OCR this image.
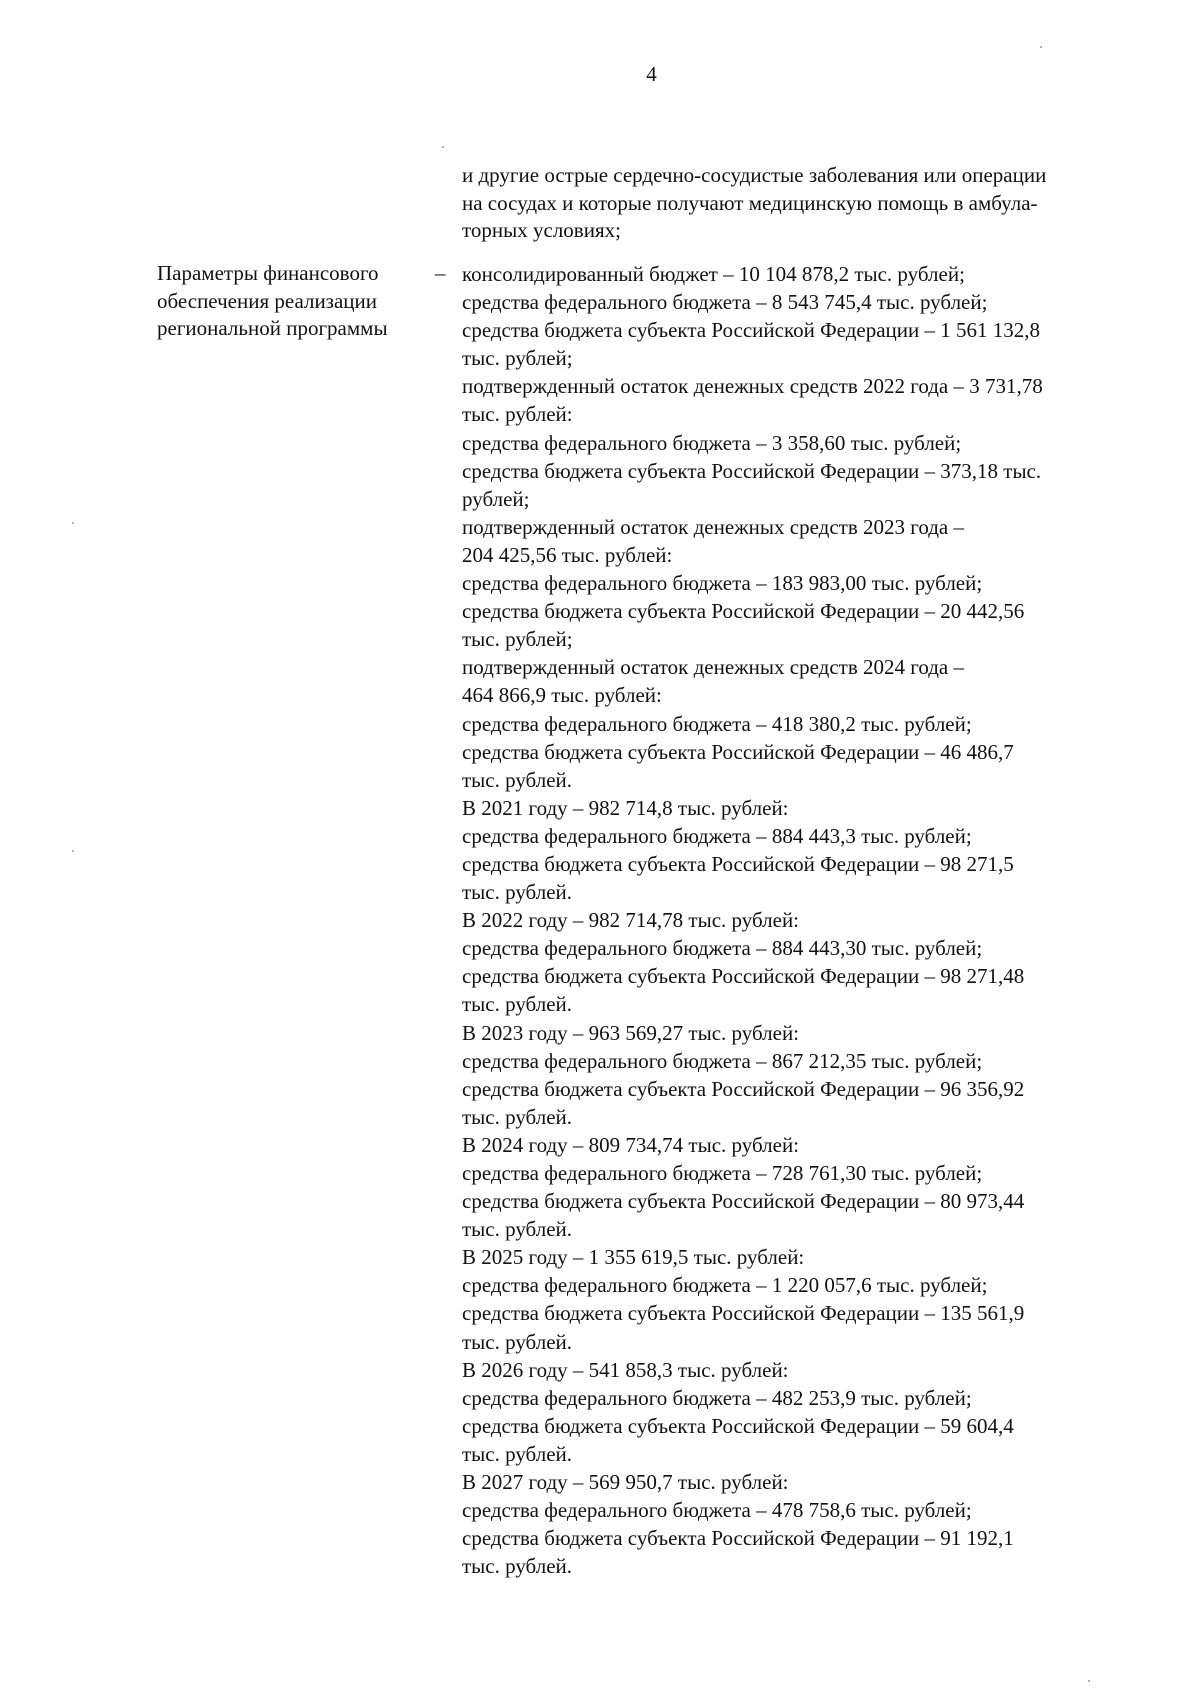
4
и другие острые сердечно-сосудистые заболевания или операции
на сосудах и которые получают медицинскую помощь в амбула-
торных условиях;
Параметры финансового
обеспечения реализации
региональной программы
– консолидированный бюджет – 10 104 878,2 тыс. рублей;
средства федерального бюджета – 8 543 745,4 тыс. рублей;
средства бюджета субъекта Российской Федерации – 1 561 132,8
тыс. рублей;
подтвержденный остаток денежных средств 2022 года – 3 731,78
тыс. рублей:
средства федерального бюджета – 3 358,60 тыс. рублей;
средства бюджета субъекта Российской Федерации – 373,18 тыс.
рублей;
подтвержденный остаток денежных средств 2023 года –
204 425,56 тыс. рублей:
средства федерального бюджета – 183 983,00 тыс. рублей;
средства бюджета субъекта Российской Федерации – 20 442,56
тыс. рублей;
подтвержденный остаток денежных средств 2024 года –
464 866,9 тыс. рублей:
средства федерального бюджета – 418 380,2 тыс. рублей;
средства бюджета субъекта Российской Федерации – 46 486,7
тыс. рублей.
В 2021 году – 982 714,8 тыс. рублей:
средства федерального бюджета – 884 443,3 тыс. рублей;
средства бюджета субъекта Российской Федерации – 98 271,5
тыс. рублей.
В 2022 году – 982 714,78 тыс. рублей:
средства федерального бюджета – 884 443,30 тыс. рублей;
средства бюджета субъекта Российской Федерации – 98 271,48
тыс. рублей.
В 2023 году – 963 569,27 тыс. рублей:
средства федерального бюджета – 867 212,35 тыс. рублей;
средства бюджета субъекта Российской Федерации – 96 356,92
тыс. рублей.
В 2024 году – 809 734,74 тыс. рублей:
средства федерального бюджета – 728 761,30 тыс. рублей;
средства бюджета субъекта Российской Федерации – 80 973,44
тыс. рублей.
В 2025 году – 1 355 619,5 тыс. рублей:
средства федерального бюджета – 1 220 057,6 тыс. рублей;
средства бюджета субъекта Российской Федерации – 135 561,9
тыс. рублей.
В 2026 году – 541 858,3 тыс. рублей:
средства федерального бюджета – 482 253,9 тыс. рублей;
средства бюджета субъекта Российской Федерации – 59 604,4
тыс. рублей.
В 2027 году – 569 950,7 тыс. рублей:
средства федерального бюджета – 478 758,6 тыс. рублей;
средства бюджета субъекта Российской Федерации – 91 192,1
тыс. рублей.
